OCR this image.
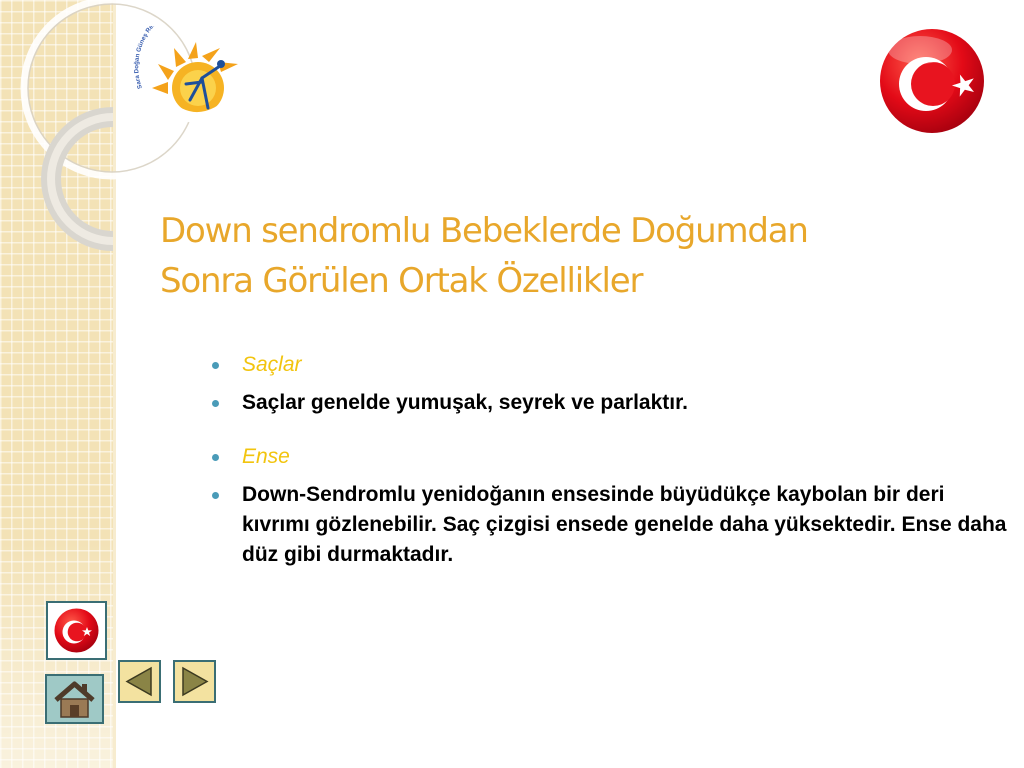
Sara Doğan Güneş Re
Down sendromlu Bebeklerde Doğumdan
Sonra Görülen Ortak Özellikler
Saçlar
Saçlar genelde yumuşak, seyrek ve parlaktır.
Ense
Down-Sendromlu yenidoğanın ensesinde büyüdükçe kaybolan bir deri kıvrımı gözlenebilir. Saç çizgisi ensede genelde daha yüksektedir. Ense daha düz gibi durmaktadır.
